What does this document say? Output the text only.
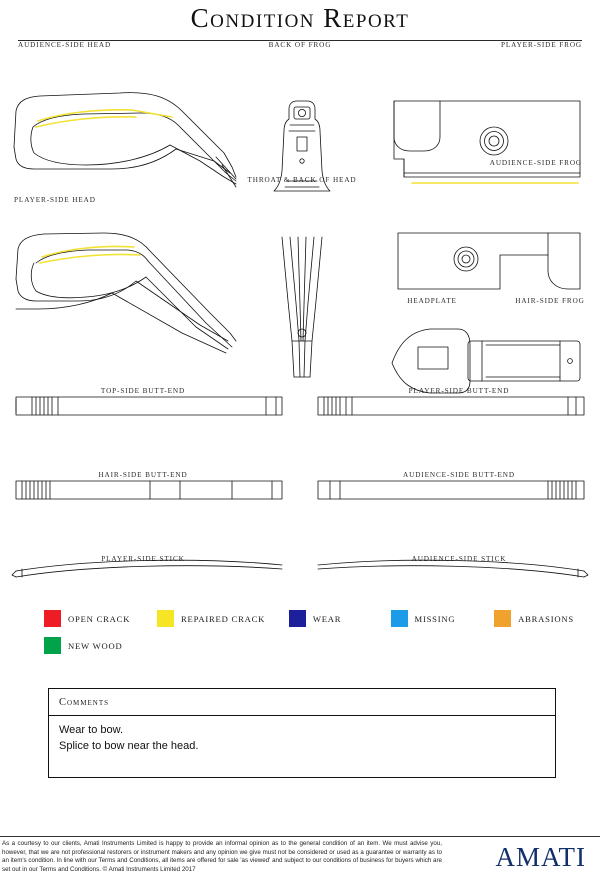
Condition Report
AUDIENCE-SIDE HEAD	BACK OF FROG	PLAYER-SIDE FROG
AUDIENCE-SIDE FROG
PLAYER-SIDE HEAD
THROAT & BACK OF HEAD
HEADPLATE	HAIR-SIDE FROG
TOP-SIDE BUTT-END	PLAYER-SIDE BUTT-END
HAIR-SIDE BUTT-END	AUDIENCE-SIDE BUTT-END
PLAYER-SIDE STICK	AUDIENCE-SIDE STICK
OPEN CRACK	REPAIRED CRACK	WEAR	MISSING	ABRASIONS
NEW WOOD
Comments
Wear to bow.
Splice to bow near the head.
As a courtesy to our clients, Amati Instruments Limited is happy to provide an informal opinion as to the general condition of an item. We must advise you, however, that we are not professional restorers or instrument makers and any opinion we give must not be considered or used as a guarantee or warranty as to an item's condition. In line with our Terms and Conditions, all items are offered for sale 'as viewed' and subject to our conditions of business for buyers which are set out in our Terms and Conditions. © Amati Instruments Limited 2017	AMATI
